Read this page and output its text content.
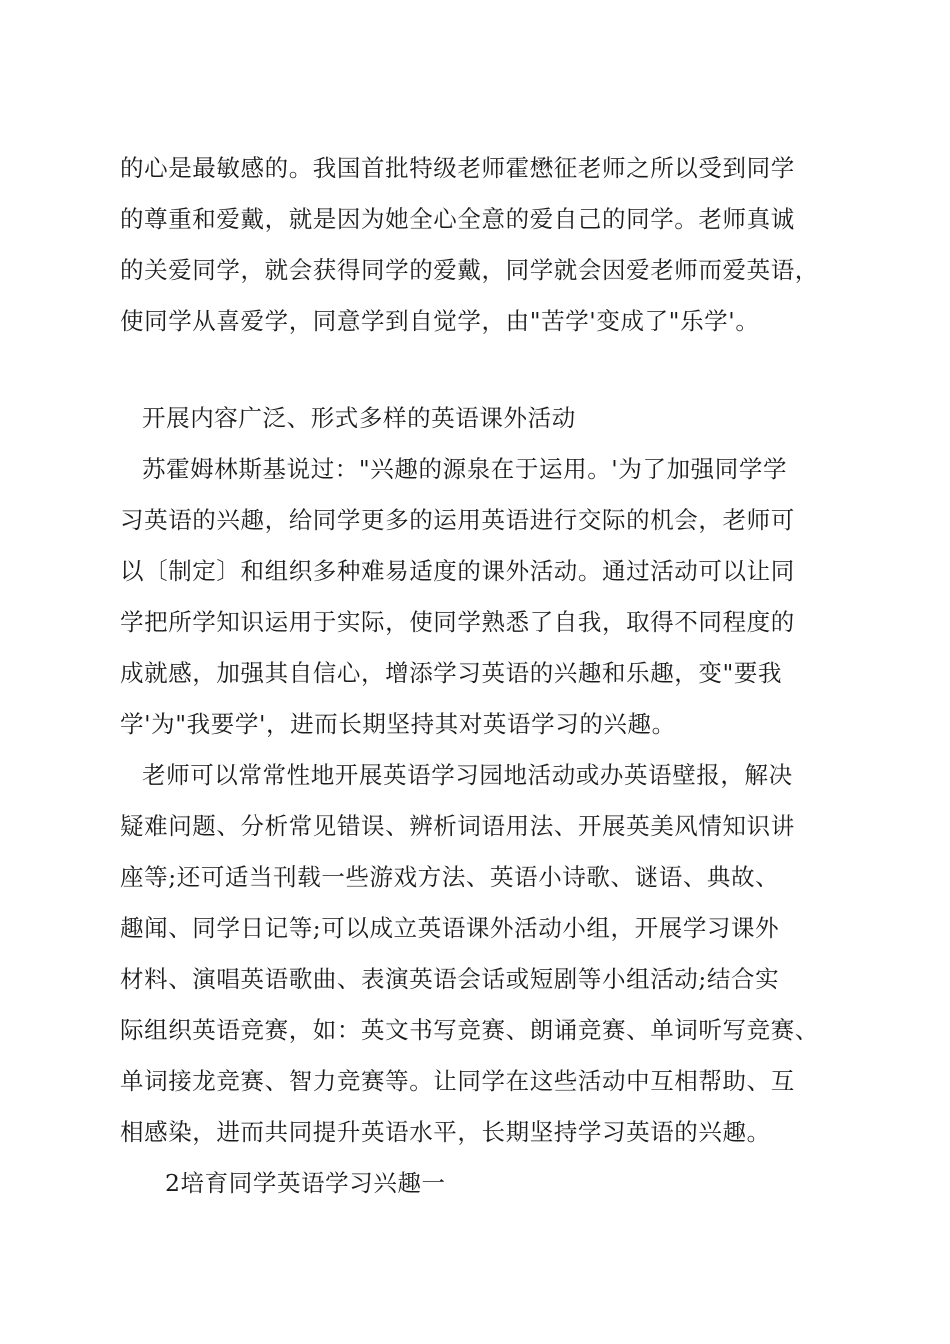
的心是最敏感的。我国首批特级老师霍懋征老师之所以受到同学
的尊重和爱戴，就是因为她全心全意的爱自己的同学。老师真诚
的关爱同学，就会获得同学的爱戴，同学就会因爱老师而爱英语，
使同学从喜爱学，同意学到自觉学，由"苦学'变成了"乐学'。
开展内容广泛、形式多样的英语课外活动
苏霍姆林斯基说过："兴趣的源泉在于运用。'为了加强同学学
习英语的兴趣，给同学更多的运用英语进行交际的机会，老师可
以〔制定〕和组织多种难易适度的课外活动。通过活动可以让同
学把所学知识运用于实际，使同学熟悉了自我，取得不同程度的
成就感，加强其自信心，增添学习英语的兴趣和乐趣，变"要我
学'为"我要学'，进而长期坚持其对英语学习的兴趣。
老师可以常常性地开展英语学习园地活动或办英语壁报，解决
疑难问题、分析常见错误、辨析词语用法、开展英美风情知识讲
座等;还可适当刊载一些游戏方法、英语小诗歌、谜语、典故、
趣闻、同学日记等;可以成立英语课外活动小组，开展学习课外
材料、演唱英语歌曲、表演英语会话或短剧等小组活动;结合实
际组织英语竞赛，如：英文书写竞赛、朗诵竞赛、单词听写竞赛、
单词接龙竞赛、智力竞赛等。让同学在这些活动中互相帮助、互
相感染，进而共同提升英语水平，长期坚持学习英语的兴趣。
2培育同学英语学习兴趣一
